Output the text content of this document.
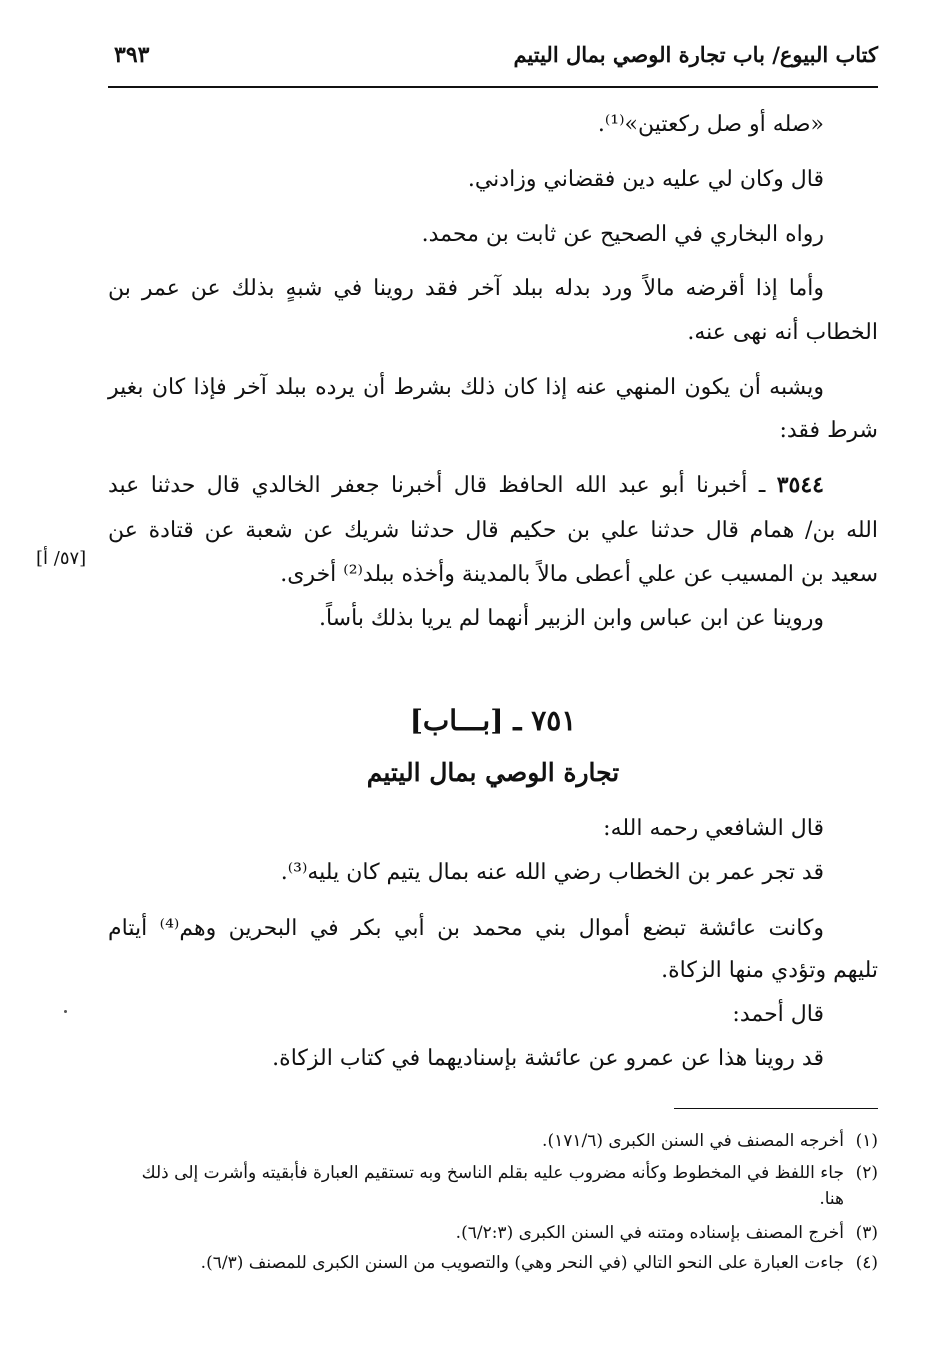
كتاب البيوع/ باب تجارة الوصي بمال اليتيم
٣٩٣
«صله أو صل ركعتين»⁽¹⁾.
قال وكان لي عليه دين فقضاني وزادني.
رواه البخاري في الصحيح عن ثابت بن محمد.
وأما إذا أقرضه مالاً ورد بدله ببلد آخر فقد روينا في شبهٍ بذلك عن عمر بن
الخطاب أنه نهى عنه.
ويشبه أن يكون المنهي عنه إذا كان ذلك بشرط أن يرده ببلد آخر فإذا كان بغير
شرط فقد:
٣٥٤٤ ـ أخبرنا أبو عبد الله الحافظ قال أخبرنا جعفر الخالدي قال حدثنا عبد
الله بن/ همام قال حدثنا علي بن حكيم قال حدثنا شريك عن شعبة عن قتادة عن
[٥٧/ أ]
سعيد بن المسيب عن علي أعطى مالاً بالمدينة وأخذه ببلد⁽²⁾ أخرى.
وروينا عن ابن عباس وابن الزبير أنهما لم يريا بذلك بأساً.
٧٥١ ـ [بـــاب]
تجارة الوصي بمال اليتيم
قال الشافعي رحمه الله:
قد تجر عمر بن الخطاب رضي الله عنه بمال يتيم كان يليه⁽³⁾.
وكانت عائشة تبضع أموال بني محمد بن أبي بكر في البحرين وهم⁽⁴⁾ أيتام
تليهم وتؤدي منها الزكاة.
قال أحمد:
قد روينا هذا عن عمرو عن عائشة بإسناديهما في كتاب الزكاة.
(١)أخرجه المصنف في السنن الكبرى (١٧١/٦).
(٢)جاء اللفظ في المخطوط وكأنه مضروب عليه بقلم الناسخ وبه تستقيم العبارة فأبقيته وأشرت إلى ذلك
هنا.
(٣)أخرج المصنف بإسناده ومتنه في السنن الكبرى (٦/٢:٣).
(٤)جاءت العبارة على النحو التالي (في النحر وهي) والتصويب من السنن الكبرى للمصنف (٦/٣).
